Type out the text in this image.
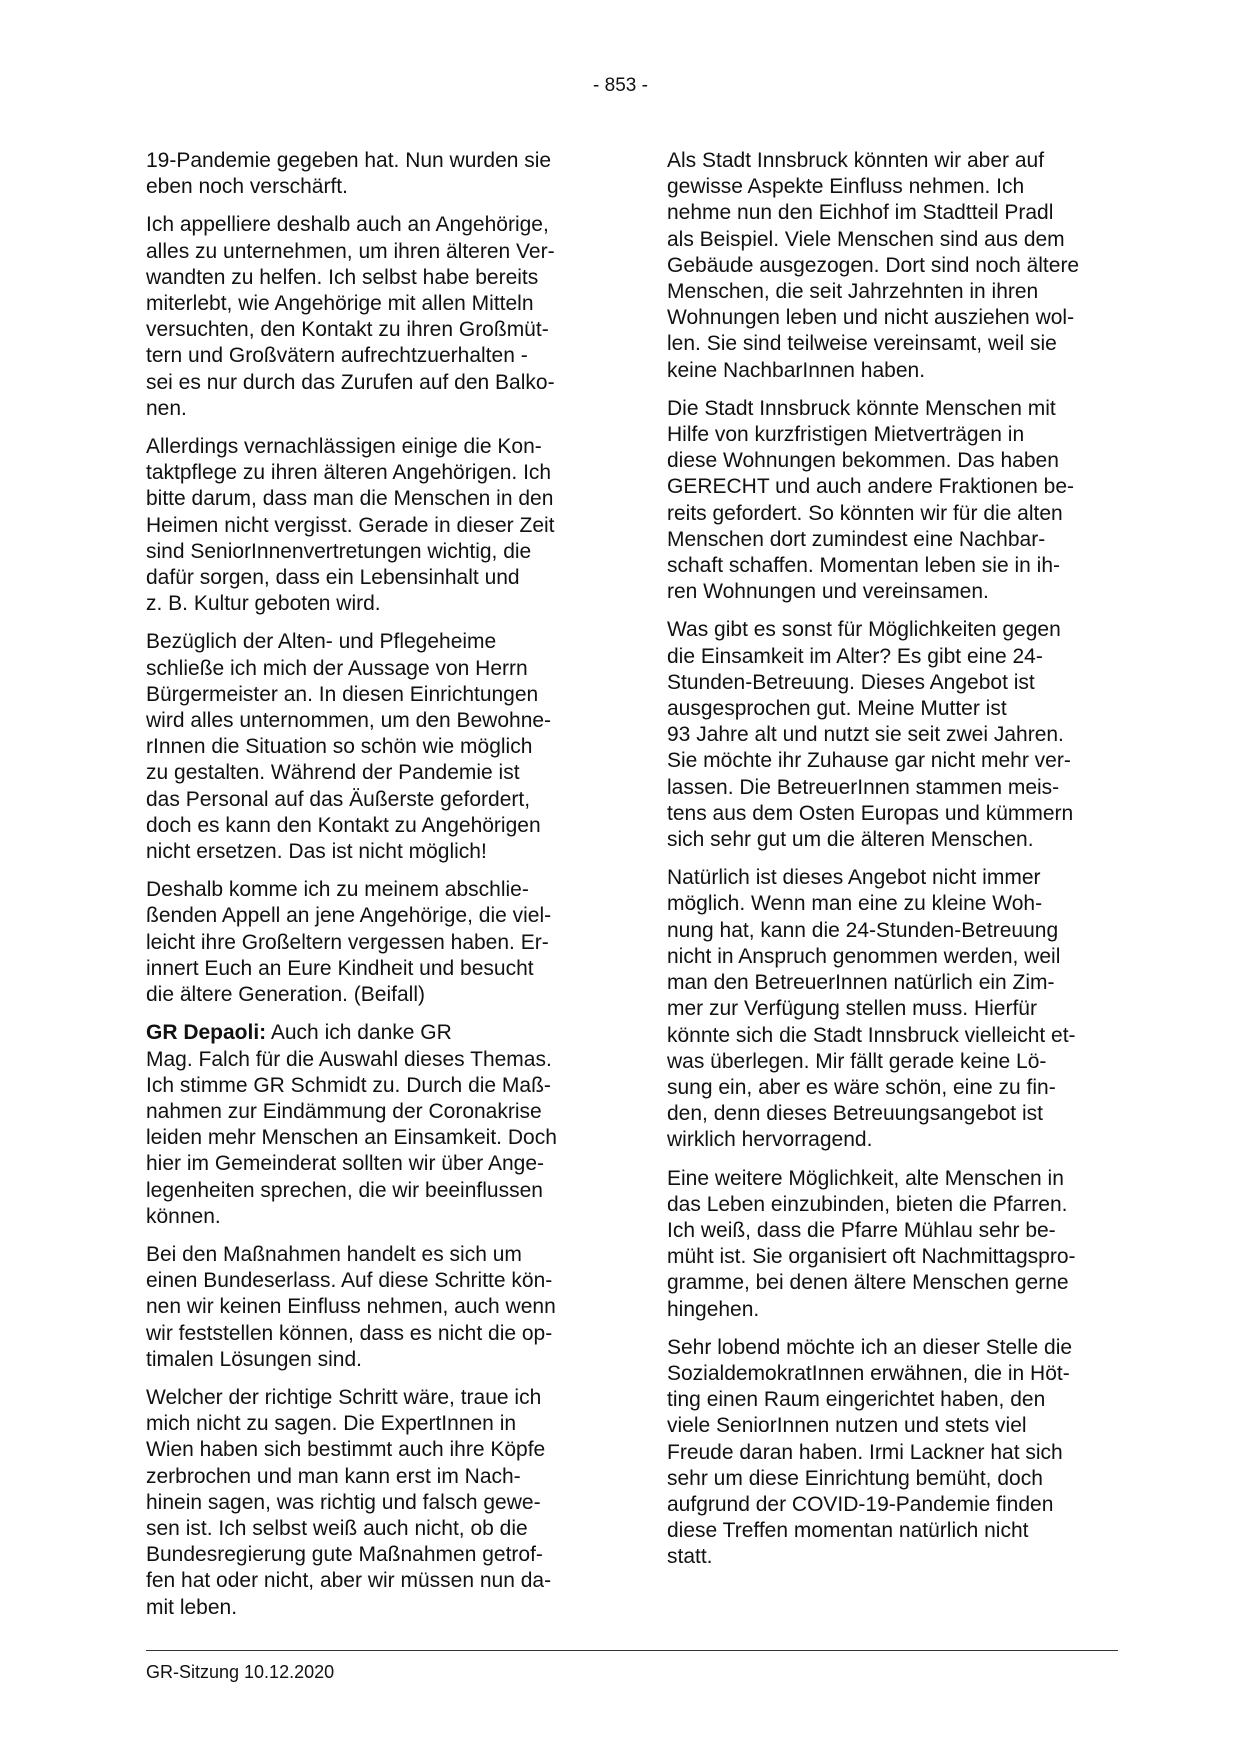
- 853 -

19-Pandemie gegeben hat. Nun wurden sie
eben noch verschärft.

Ich appelliere deshalb auch an Angehörige,
alles zu unternehmen, um ihren älteren Ver-
wandten zu helfen. Ich selbst habe bereits
miterlebt, wie Angehörige mit allen Mitteln
versuchten, den Kontakt zu ihren Großmüt-
tern und Großvätern aufrechtzuerhalten -
sei es nur durch das Zurufen auf den Balko-
nen.

Allerdings vernachlässigen einige die Kon-
taktpflege zu ihren älteren Angehörigen. Ich
bitte darum, dass man die Menschen in den
Heimen nicht vergisst. Gerade in dieser Zeit
sind SeniorInnenvertretungen wichtig, die
dafür sorgen, dass ein Lebensinhalt und
z. B. Kultur geboten wird.

Bezüglich der Alten- und Pflegeheime
schließe ich mich der Aussage von Herrn
Bürgermeister an. In diesen Einrichtungen
wird alles unternommen, um den Bewohne-
rInnen die Situation so schön wie möglich
zu gestalten. Während der Pandemie ist
das Personal auf das Äußerste gefordert,
doch es kann den Kontakt zu Angehörigen
nicht ersetzen. Das ist nicht möglich!

Deshalb komme ich zu meinem abschlie-
ßenden Appell an jene Angehörige, die viel-
leicht ihre Großeltern vergessen haben. Er-
innert Euch an Eure Kindheit und besucht
die ältere Generation. (Beifall)

GR Depaoli: Auch ich danke GR
Mag. Falch für die Auswahl dieses Themas.
Ich stimme GR Schmidt zu. Durch die Maß-
nahmen zur Eindämmung der Coronakrise
leiden mehr Menschen an Einsamkeit. Doch
hier im Gemeinderat sollten wir über Ange-
legenheiten sprechen, die wir beeinflussen
können.

Bei den Maßnahmen handelt es sich um
einen Bundeserlass. Auf diese Schritte kön-
nen wir keinen Einfluss nehmen, auch wenn
wir feststellen können, dass es nicht die op-
timalen Lösungen sind.

Welcher der richtige Schritt wäre, traue ich
mich nicht zu sagen. Die ExpertInnen in
Wien haben sich bestimmt auch ihre Köpfe
zerbrochen und man kann erst im Nach-
hinein sagen, was richtig und falsch gewe-
sen ist. Ich selbst weiß auch nicht, ob die
Bundesregierung gute Maßnahmen getrof-
fen hat oder nicht, aber wir müssen nun da-
mit leben.

Als Stadt Innsbruck könnten wir aber auf
gewisse Aspekte Einfluss nehmen. Ich
nehme nun den Eichhof im Stadtteil Pradl
als Beispiel. Viele Menschen sind aus dem
Gebäude ausgezogen. Dort sind noch ältere
Menschen, die seit Jahrzehnten in ihren
Wohnungen leben und nicht ausziehen wol-
len. Sie sind teilweise vereinsamt, weil sie
keine NachbarInnen haben.

Die Stadt Innsbruck könnte Menschen mit
Hilfe von kurzfristigen Mietverträgen in
diese Wohnungen bekommen. Das haben
GERECHT und auch andere Fraktionen be-
reits gefordert. So könnten wir für die alten
Menschen dort zumindest eine Nachbar-
schaft schaffen. Momentan leben sie in ih-
ren Wohnungen und vereinsamen.

Was gibt es sonst für Möglichkeiten gegen
die Einsamkeit im Alter? Es gibt eine 24-
Stunden-Betreuung. Dieses Angebot ist
ausgesprochen gut. Meine Mutter ist
93 Jahre alt und nutzt sie seit zwei Jahren.
Sie möchte ihr Zuhause gar nicht mehr ver-
lassen. Die BetreuerInnen stammen meis-
tens aus dem Osten Europas und kümmern
sich sehr gut um die älteren Menschen.

Natürlich ist dieses Angebot nicht immer
möglich. Wenn man eine zu kleine Woh-
nung hat, kann die 24-Stunden-Betreuung
nicht in Anspruch genommen werden, weil
man den BetreuerInnen natürlich ein Zim-
mer zur Verfügung stellen muss. Hierfür
könnte sich die Stadt Innsbruck vielleicht et-
was überlegen. Mir fällt gerade keine Lö-
sung ein, aber es wäre schön, eine zu fin-
den, denn dieses Betreuungsangebot ist
wirklich hervorragend.

Eine weitere Möglichkeit, alte Menschen in
das Leben einzubinden, bieten die Pfarren.
Ich weiß, dass die Pfarre Mühlau sehr be-
müht ist. Sie organisiert oft Nachmittagspro-
gramme, bei denen ältere Menschen gerne
hingehen.

Sehr lobend möchte ich an dieser Stelle die
SozialdemokratInnen erwähnen, die in Höt-
ting einen Raum eingerichtet haben, den
viele SeniorInnen nutzen und stets viel
Freude daran haben. Irmi Lackner hat sich
sehr um diese Einrichtung bemüht, doch
aufgrund der COVID-19-Pandemie finden
diese Treffen momentan natürlich nicht
statt.

GR-Sitzung 10.12.2020
